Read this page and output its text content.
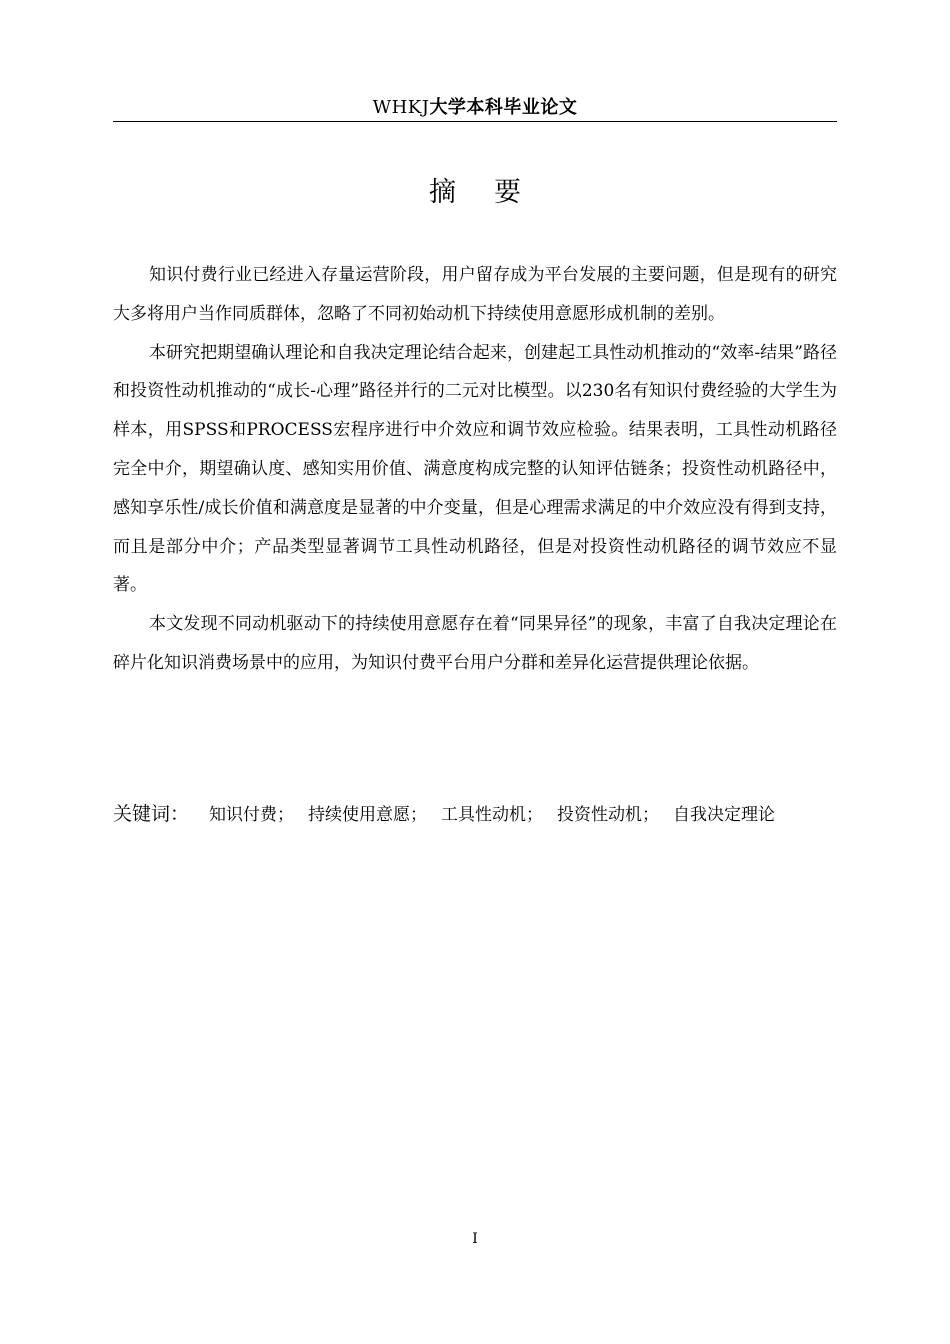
WHKJ大学本科毕业论文
摘要

知识付费行业已经进入存量运营阶段，用户留存成为平台发展的主要问题，但是现有的研究大多将用户当作同质群体，忽略了不同初始动机下持续使用意愿形成机制的差别。

本研究把期望确认理论和自我决定理论结合起来，创建起工具性动机推动的“效率-结果”路径和投资性动机推动的“成长-心理”路径并行的二元对比模型。以230名有知识付费经验的大学生为样本，用SPSS和PROCESS宏程序进行中介效应和调节效应检验。结果表明，工具性动机路径完全中介，期望确认度、感知实用价值、满意度构成完整的认知评估链条；投资性动机路径中，感知享乐性/成长价值和满意度是显著的中介变量，但是心理需求满足的中介效应没有得到支持，而且是部分中介；产品类型显著调节工具性动机路径，但是对投资性动机路径的调节效应不显著。

本文发现不同动机驱动下的持续使用意愿存在着“同果异径”的现象，丰富了自我决定理论在碎片化知识消费场景中的应用，为知识付费平台用户分群和差异化运营提供理论依据。

关键词： 知识付费； 持续使用意愿； 工具性动机； 投资性动机； 自我决定理论
I
